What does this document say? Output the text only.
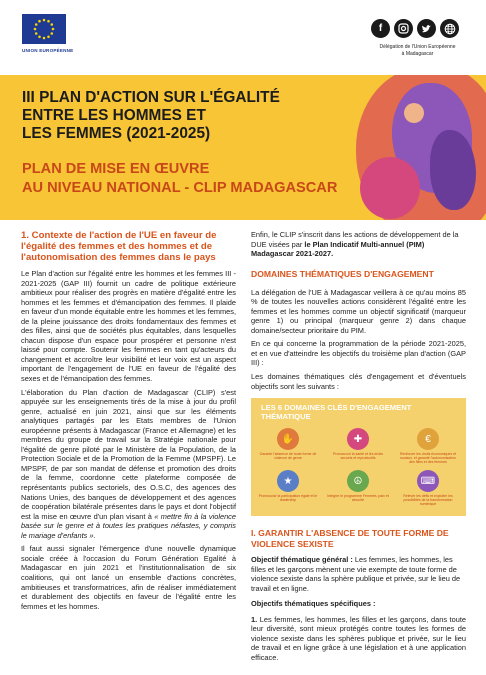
UNION EUROPÉENNE
f
Délégation de l'Union Européenne
à Madagascar
III PLAN D'ACTION SUR L'ÉGALITÉ
ENTRE LES HOMMES ET
LES FEMMES (2021-2025)
PLAN DE MISE EN ŒUVRE
AU NIVEAU NATIONAL - CLIP MADAGASCAR
1. Contexte de l'action de l'UE en faveur de l'égalité des femmes et des hommes et de l'autonomisation des femmes dans le pays

Le Plan d'action sur l'égalité entre les hommes et les femmes III - 2021-2025 (GAP III) fournit un cadre de politique extérieure ambitieux pour réaliser des progrès en matière d'égalité entre les hommes et les femmes et d'émancipation des femmes. Il plaide en faveur d'un monde équitable entre les hommes et les femmes, de la pleine jouissance des droits fondamentaux des femmes et des filles, ainsi que de sociétés plus équitables, dans lesquelles chacun dispose d'un espace pour prospérer et personne n'est laissé pour compte. Soutenir les femmes en tant qu'acteurs du changement et accroître leur visibilité et leur voix est un aspect important de l'engagement de l'UE en faveur de l'égalité des sexes et de l'émancipation des femmes.

L'élaboration du Plan d'action de Madagascar (CLIP) s'est appuyée sur les enseignements tirés de la mise à jour du profil genre, actualisé en juin 2021, ainsi que sur les éléments analytiques partagés par les Etats membres de l'Union européenne présents à Madagascar (France et Allemagne) et les membres du groupe de travail sur la Stratégie nationale pour l'égalité de genre piloté par le Ministère de la Population, de la Protection Sociale et de la Promotion de la Femme (MPSPF). Le MPSPF, de par son mandat de défense et promotion des droits de la femme, coordonne cette plateforme composée de représentants publics sectoriels, des O.S.C, des agences des Nations Unies, des banques de développement et des agences de coopération bilatérale présentes dans le pays et dont l'objectif est la mise en œuvre d'un plan visant à « mettre fin à la violence basée sur le genre et à toutes les pratiques néfastes, y compris le mariage d'enfants ».

Il faut aussi signaler l'émergence d'une nouvelle dynamique sociale créée à l'occasion du Forum Génération Egalité à Madagascar en juin 2021 et l'institutionnalisation de six coalitions, qui ont lancé un ensemble d'actions concrètes, ambitieuses et transformatrices, afin de réaliser immédiatement et durablement des objectifs en faveur de l'égalité entre les femmes et les hommes.

Enfin, le CLIP s'inscrit dans les actions de développement de la DUE visées par le Plan Indicatif Multi-annuel (PIM) Madagascar 2021-2027.

DOMAINES THÉMATIQUES D'ENGAGEMENT

La délégation de l'UE à Madagascar veillera à ce qu'au moins 85 % de toutes les nouvelles actions considèrent l'égalité entre les femmes et les hommes comme un objectif significatif (marqueur genre 1) ou principal (marqueur genre 2) dans chaque domaine/secteur prioritaire du PIM.

En ce qui concerne la programmation de la période 2021-2025, et en vue d'atteindre les objectifs du troisième plan d'action (GAP III) :

Les domaines thématiques clés d'engagement et d'éventuels objectifs sont les suivants :

LES 6 DOMAINES CLÉS D'ENGAGEMENT THÉMATIQUE
✋
Garantir l'absence de toute forme de violence de genre
✚
Promouvoir la santé et les droits sexuels et reproductifs
€
Renforcer les droits économiques et sociaux, et garantir l'autonomisation des filles et des femmes
★
Promouvoir la participation égale et le leadership
☮
Intégrer le programme Femmes, paix et sécurité
⌨
Relever les défis et exploiter les possibilités de la transformation numérique
I. GARANTIR L'ABSENCE DE TOUTE FORME DE VIOLENCE SEXISTE

Objectif thématique général : Les femmes, les hommes, les filles et les garçons mènent une vie exempte de toute forme de violence sexiste dans la sphère publique et privée, sur le lieu de travail et en ligne.

Objectifs thématiques spécifiques :

1. Les femmes, les hommes, les filles et les garçons, dans toute leur diversité, sont mieux protégés contre toutes les formes de violence sexiste dans les sphères publique et privée, sur le lieu de travail et en ligne grâce à une législation et à une application efficace.
